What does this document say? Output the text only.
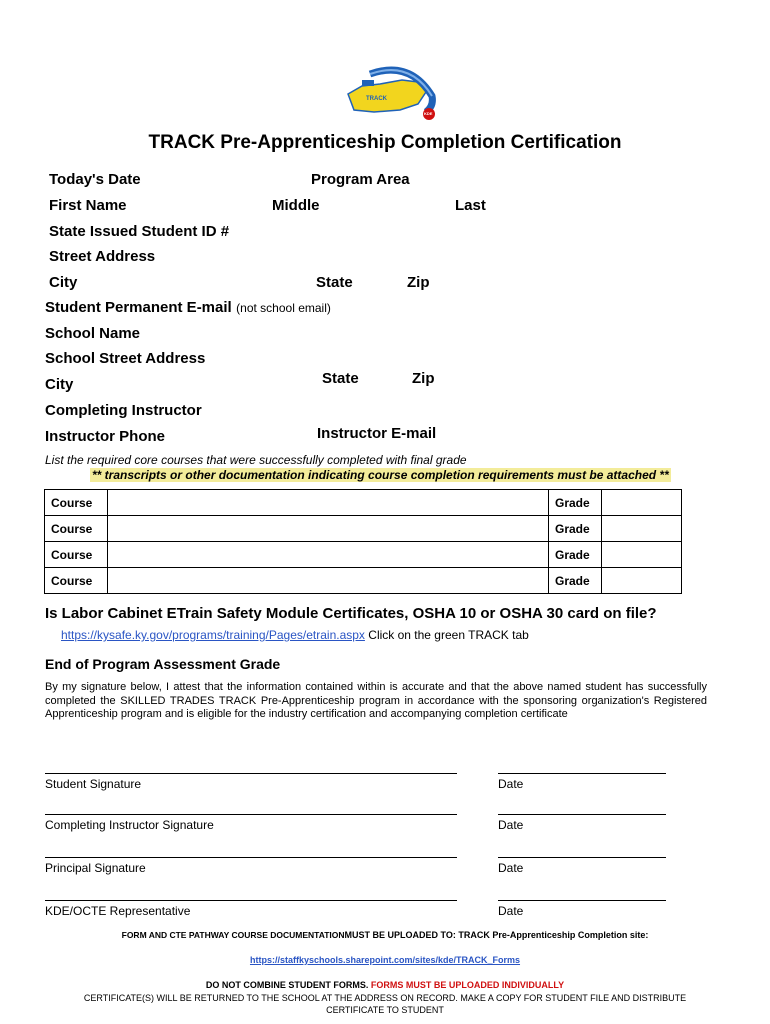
TRACK
KDE
TRACK Pre-Apprenticeship Completion Certification
Today's Date	Program Area
First Name	Middle	Last
State Issued Student ID #
Street Address
City	State	Zip
Student Permanent E-mail (not school email)
School Name
School Street Address
City	State	Zip
Completing Instructor
Instructor Phone	Instructor E-mail
List the required core courses that were successfully completed with final grade
** transcripts or other documentation indicating course completion requirements must be attached **
Course		Grade	
Course		Grade	
Course		Grade	
Course		Grade	
Is Labor Cabinet ETrain Safety Module Certificates, OSHA 10 or OSHA 30 card on file?
https://kysafe.ky.gov/programs/training/Pages/etrain.aspx Click on the green TRACK tab
End of Program Assessment Grade
By my signature below, I attest that the information contained within is accurate and that the above named student has successfully completed the SKILLED TRADES TRACK Pre-Apprenticeship program in accordance with the sponsoring organization's Registered Apprenticeship program and is eligible for the industry certification and accompanying completion certificate
Student Signature	Date
Completing Instructor Signature	Date
Principal Signature	Date
KDE/OCTE Representative	Date
FORM AND CTE PATHWAY COURSE DOCUMENTATIONMUST BE UPLOADED TO: TRACK Pre-Apprenticeship Completion site:
https://staffkyschools.sharepoint.com/sites/kde/TRACK_Forms
DO NOT COMBINE STUDENT FORMS. FORMS MUST BE UPLOADED INDIVIDUALLY
CERTIFICATE(S) WILL BE RETURNED TO THE SCHOOL AT THE ADDRESS ON RECORD. MAKE A COPY FOR STUDENT FILE AND DISTRIBUTE
CERTIFICATE TO STUDENT
